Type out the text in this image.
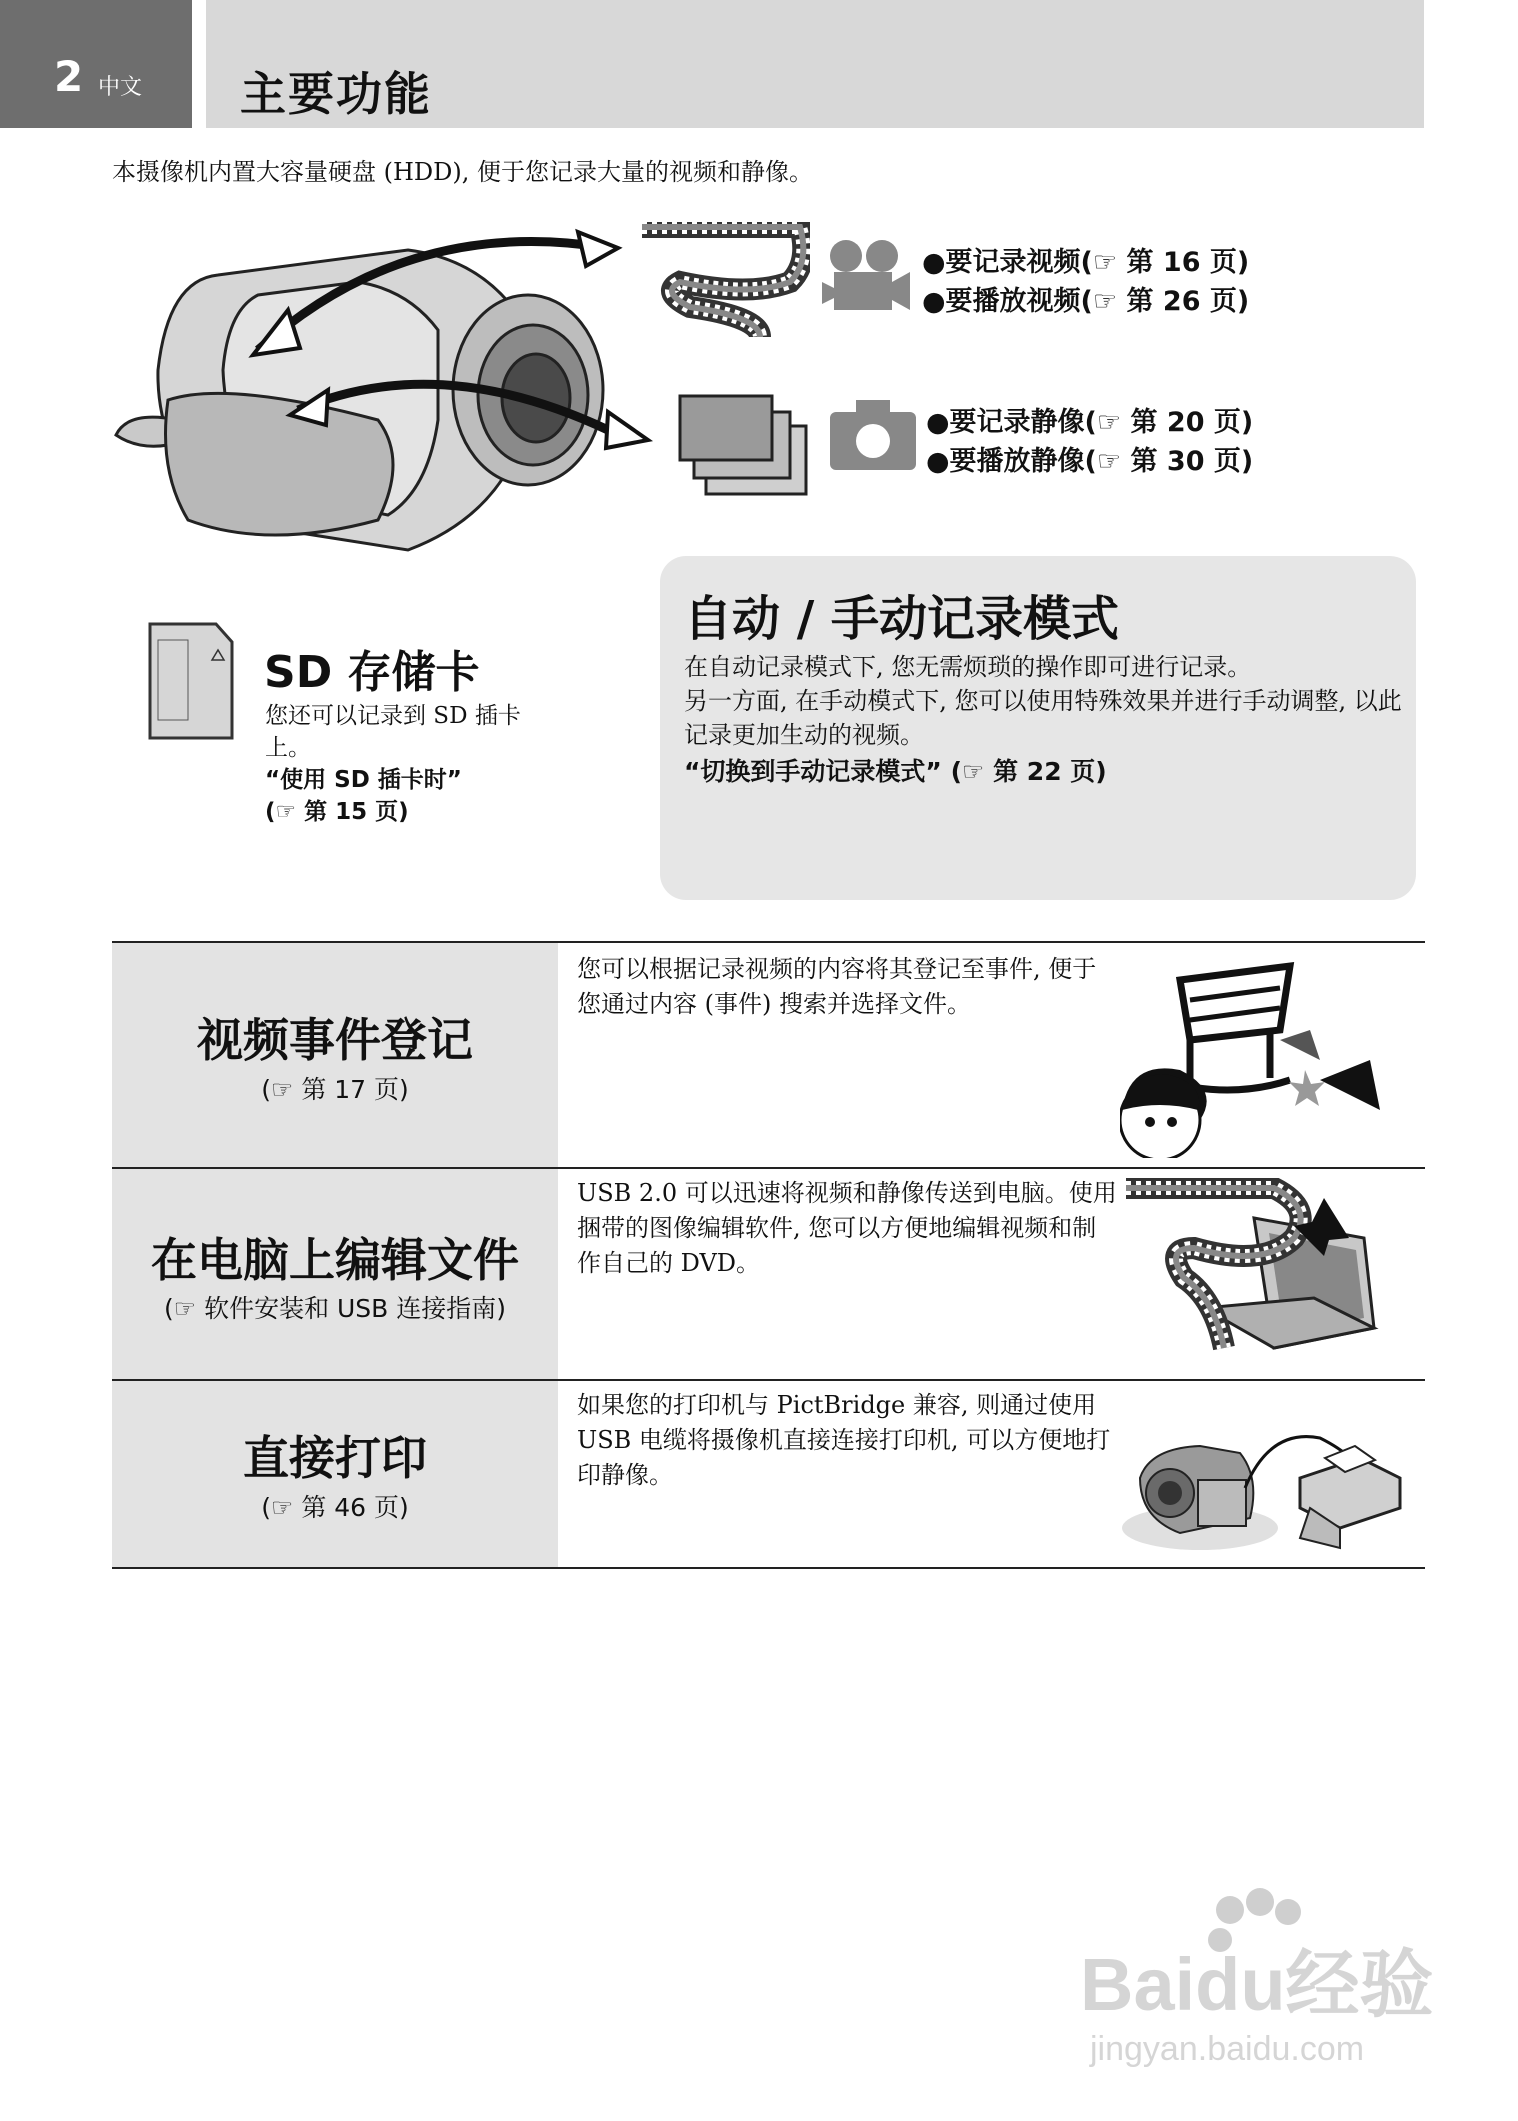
2 中文 主要功能
本摄像机内置大容量硬盘 (HDD), 便于您记录大量的视频和静像。
●要记录视频(☞ 第 16 页)
●要播放视频(☞ 第 26 页)
●要记录静像(☞ 第 20 页)
●要播放静像(☞ 第 30 页)
SD 存储卡
您还可以记录到 SD 插卡上。
“使用 SD 插卡时”
(☞ 第 15 页)
自动 / 手动记录模式
在自动记录模式下, 您无需烦琐的操作即可进行记录。
另一方面, 在手动模式下, 您可以使用特殊效果并进行手动调整, 以此记录更加生动的视频。
“切换到手动记录模式” (☞ 第 22 页)
视频事件登记
(☞ 第 17 页)
您可以根据记录视频的内容将其登记至事件, 便于您通过内容 (事件) 搜索并选择文件。
在电脑上编辑文件
(☞ 软件安装和 USB 连接指南)
USB 2.0 可以迅速将视频和静像传送到电脑。使用捆带的图像编辑软件, 您可以方便地编辑视频和制作自己的 DVD。
直接打印
(☞ 第 46 页)
如果您的打印机与 PictBridge 兼容, 则通过使用 USB 电缆将摄像机直接连接打印机, 可以方便地打印静像。
Baidu经验
jingyan.baidu.com
